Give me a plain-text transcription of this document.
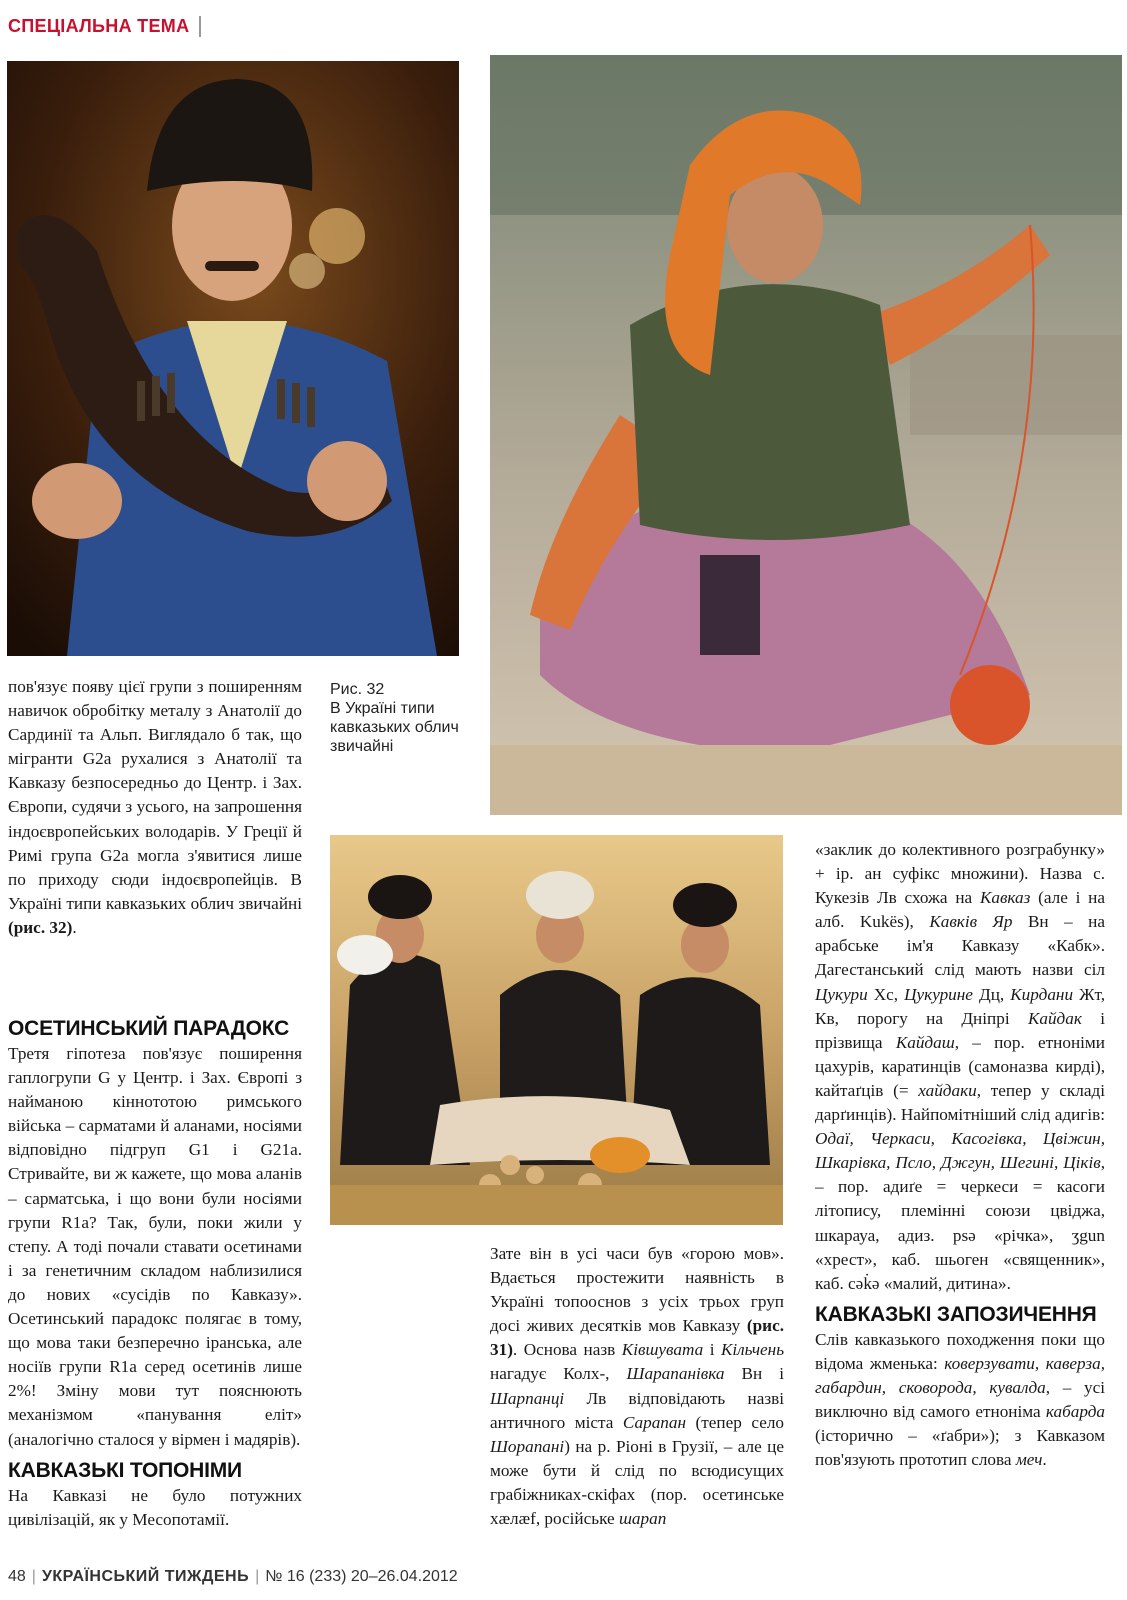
СПЕЦІАЛЬНА ТЕМА
Рис. 32
В Україні типи кавказьких облич звичайні

пов'язує появу цієї групи з поширенням навичок обробітку металу з Анатолії до Сардинії та Альп. Виглядало б так, що мігранти G2a рухалися з Анатолії та Кавказу безпосередньо до Центр. і Зах. Європи, судячи з усього, на запрошення індоєвропейських володарів. У Греції й Римі група G2a могла з'явитися лише по приходу сюди індоєвропейців. В Україні типи кавказьких облич звичайні (рис. 32).

ОСЕТИНСЬКИЙ ПАРАДОКС

Третя гіпотеза пов'язує поширення гаплогрупи G у Центр. і Зах. Європі з найманою кіннототою римського війська – сарматами й аланами, носіями відповідно підгруп G1 і G21a. Стривайте, ви ж кажете, що мова аланів – сарматська, і що вони були носіями групи R1a? Так, були, поки жили у степу. А тоді почали ставати осетинами і за генетичним складом наблизилися до нових «сусідів по Кавказу». Осетинський парадокс полягає в тому, що мова таки безперечно іранська, але носіїв групи R1a серед осетинів лише 2%! Зміну мови тут пояснюють механізмом «панування еліт» (аналогічно сталося у вірмен і мадярів).

КАВКАЗЬКІ ТОПОНІМИ

На Кавказі не було потужних цивілізацій, як у Месопотамії.

Зате він в усі часи був «горою мов». Вдається простежити наявність в Україні топооснов з усіх трьох груп досі живих десятків мов Кавказу (рис. 31). Основа назв Ківшувата і Кільчень нагадує Колх-, Шарапанівка Вн і Шарпанці Лв відповідають назві античного міста Сарапан (тепер село Шорапані) на р. Ріоні в Грузії, – але це може бути й слід по всюдисущих грабіжниках-скіфах (пор. осетинське хæлæf, російське шарап

«заклик до колективного розграбунку» + ір. ан суфікс множини). Назва с. Кукезів Лв схожа на Кавказ (але і на алб. Kukës), Кавків Яр Вн – на арабське ім'я Кавказу «Кабк». Дагестанський слід мають назви сіл Цукури Хс, Цукурине Дц, Кирдани Жт, Кв, порогу на Дніпрі Кайдак і прізвища Кайдаш, – пор. етноніми цахурів, каратинців (самоназва кирді), кайтаґців (= хайдаки, тепер у складі дарґинців). Найпомітніший слід адигів: Одаї, Черкаси, Касогівка, Цвіжин, Шкарівка, Псло, Джгун, Шегині, Ціків, – пор. адиґе = черкеси = касоги літопису, племінні союзи цвіджа, шкарауа, адиз. psə «річка», ʒgun «хрест», каб. шьоген «священник», каб. сək̇ə «малий, дитина».

КАВКАЗЬКІ ЗАПОЗИЧЕННЯ

Слів кавказького походження поки що відома жменька: коверзувати, каверза, габардин, сковорода, кувалда, – усі виключно від самого етноніма кабарда (історично – «ґабри»); з Кавказом пов'язують прототип слова меч.

48 | УКРАЇНСЬКИЙ ТИЖДЕНЬ | № 16 (233) 20–26.04.2012
